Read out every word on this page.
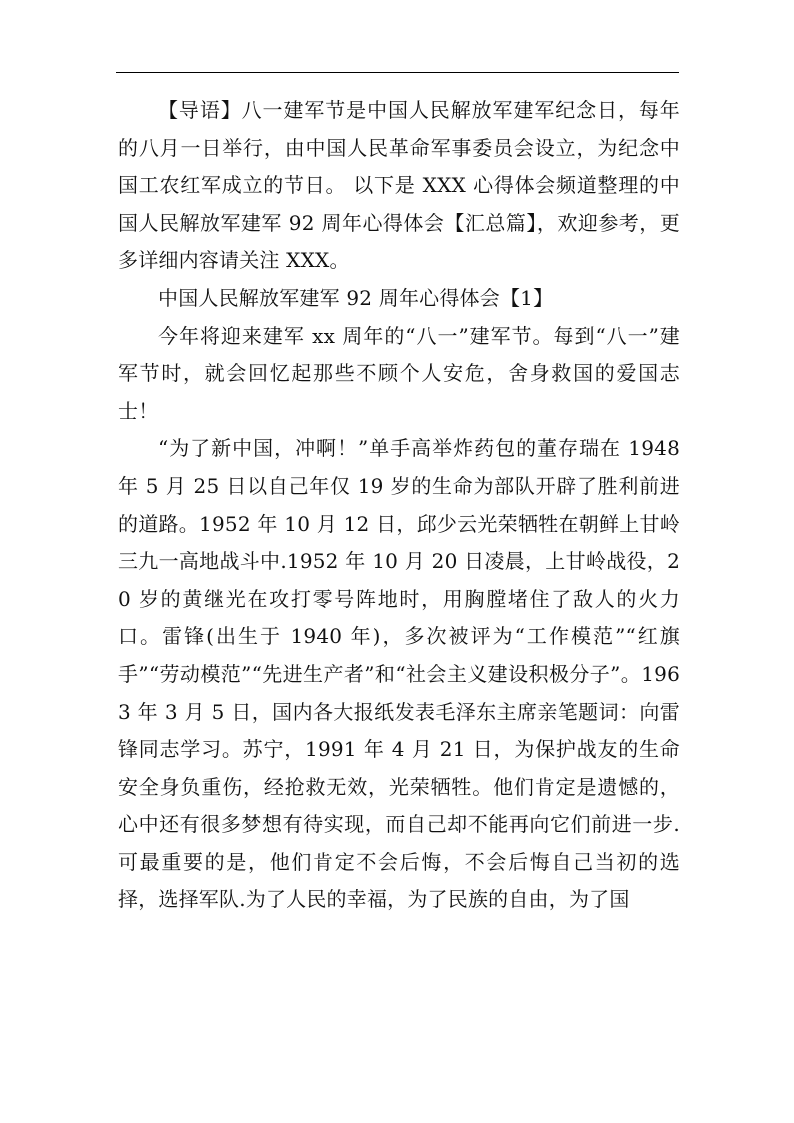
【导语】八一建军节是中国人民解放军建军纪念日，每年的八月一日举行，由中国人民革命军事委员会设立，为纪念中国工农红军成立的节日。 以下是 XXX 心得体会频道整理的中国人民解放军建军 92 周年心得体会【汇总篇】，欢迎参考，更多详细内容请关注 XXX。

中国人民解放军建军 92 周年心得体会【1】

今年将迎来建军 xx 周年的“八一”建军节。每到“八一”建军节时，就会回忆起那些不顾个人安危，舍身救国的爱国志士！

“为了新中国，冲啊！”单手高举炸药包的董存瑞在 1948 年 5 月 25 日以自己年仅 19 岁的生命为部队开辟了胜利前进的道路。1952 年 10 月 12 日，邱少云光荣牺牲在朝鲜上甘岭三九一高地战斗中.1952 年 10 月 20 日凌晨，上甘岭战役，20 岁的黄继光在攻打零号阵地时，用胸膛堵住了敌人的火力口。雷锋(出生于 1940 年)，多次被评为“工作模范”“红旗手”“劳动模范”“先进生产者”和“社会主义建设积极分子”。1963 年 3 月 5 日，国内各大报纸发表毛泽东主席亲笔题词：向雷锋同志学习。苏宁，1991 年 4 月 21 日，为保护战友的生命安全身负重伤，经抢救无效，光荣牺牲。他们肯定是遗憾的，心中还有很多梦想有待实现，而自己却不能再向它们前进一步.可最重要的是，他们肯定不会后悔，不会后悔自己当初的选择，选择军队.为了人民的幸福，为了民族的自由，为了国
